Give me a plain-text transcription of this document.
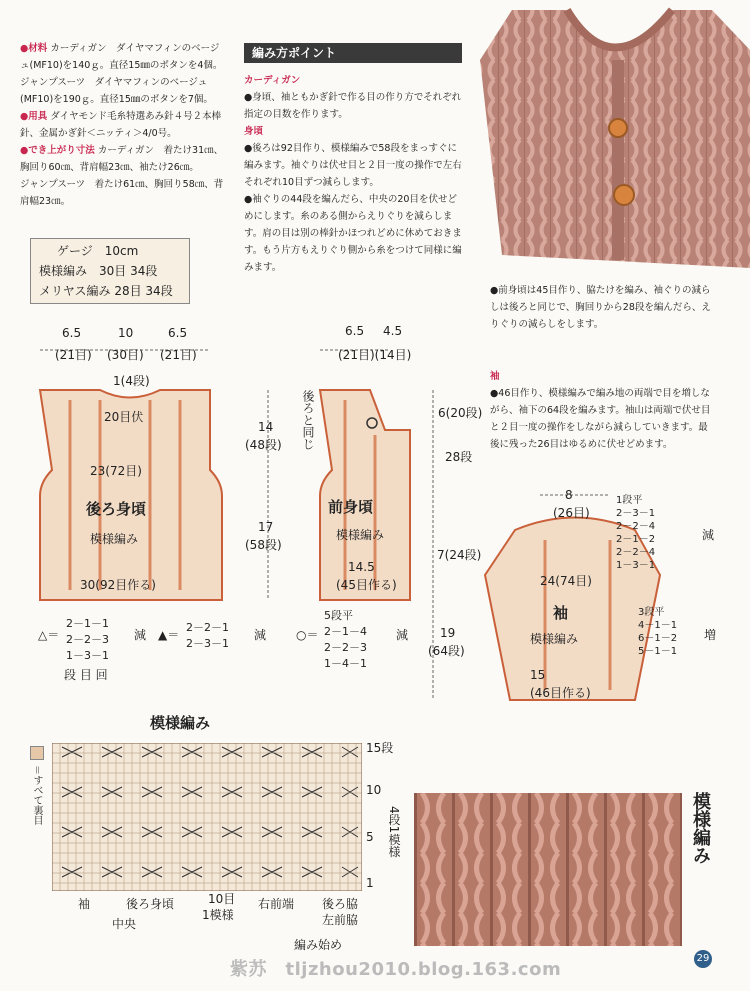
●材料 カーディガン　ダイヤマフィンのベージュ(MF10)を140ｇ。直径15㎜のボタンを4個。
ジャンプスーツ　ダイヤマフィンのベージュ(MF10)を190ｇ。直径15㎜のボタンを7個。
●用具 ダイヤモンド毛糸特選あみ針４号２本棒針、金属かぎ針＜ニッティ＞4/0号。
●でき上がり寸法 カーディガン　着たけ31㎝、胸回り60㎝、背肩幅23㎝、袖たけ26㎝。
ジャンプスーツ　着たけ61㎝、胸回り58㎝、背肩幅23㎝。
ゲージ　10cm
模様編み　30目 34段
メリヤス編み 28目 34段
編み方ポイント
カーディガン
●身頃、袖ともかぎ針で作る目の作り方でそれぞれ指定の目数を作ります。
身頃
●後ろは92目作り、模様編みで58段をまっすぐに編みます。袖ぐりは伏せ目と２目一度の操作で左右それぞれ10目ずつ減らします。
●袖ぐりの44段を編んだら、中央の20目を伏せどめにします。糸のある側からえりぐりを減らします。肩の目は別の棒針かほつれどめに休めておきます。もう片方もえりぐり側から糸をつけて同様に編みます。
●前身頃は45目作り、脇たけを編み、袖ぐりの減らしは後ろと同じで、胸回りから28段を編んだら、えりぐりの減らしをします。
袖
●46目作り、模様編みで編み地の両端で目を増しながら、袖下の64段を編みます。袖山は両端で伏せ目と２目一度の操作をしながら減らしていきます。最後に残った26目はゆるめに伏せどめます。
6.5	10	6.5
(21目) (30目) (21目)
1(4段)
20目伏
23(72目)
後ろ身頃
模様編み
30(92目作る)
14
(48段)
17
(58段)
6.5 4.5
(21目)(14目)
後ろと同じ	6(20段)
28段
前身頃
模様編み
14.5
(45目作る)
7(24段)
19
(64段)
8
(26目)
24(74目)
袖
模様編み
15
(46目作る)
1段平
2－3－1
2－2－4
2－1－2
2－2－4
1－3－1
減
3段平
4－1－1
6－1－2
5－1－1
増
△＝
2－1－1
2－2－3
1－3－1
減
段 目 回
▲＝
2－2－1
2－3－1
減 ○＝
5段平
2－1－4
2－2－3
1－4－1
減
模様編み
＝すべて裏目
15段
10
5
1
4段1模様
袖	後ろ身頃
中央
10目
1模様
右前端 後ろ脇
左前脇
編み始め
模様編み
29
紫苏　tljzhou2010.blog.163.com
